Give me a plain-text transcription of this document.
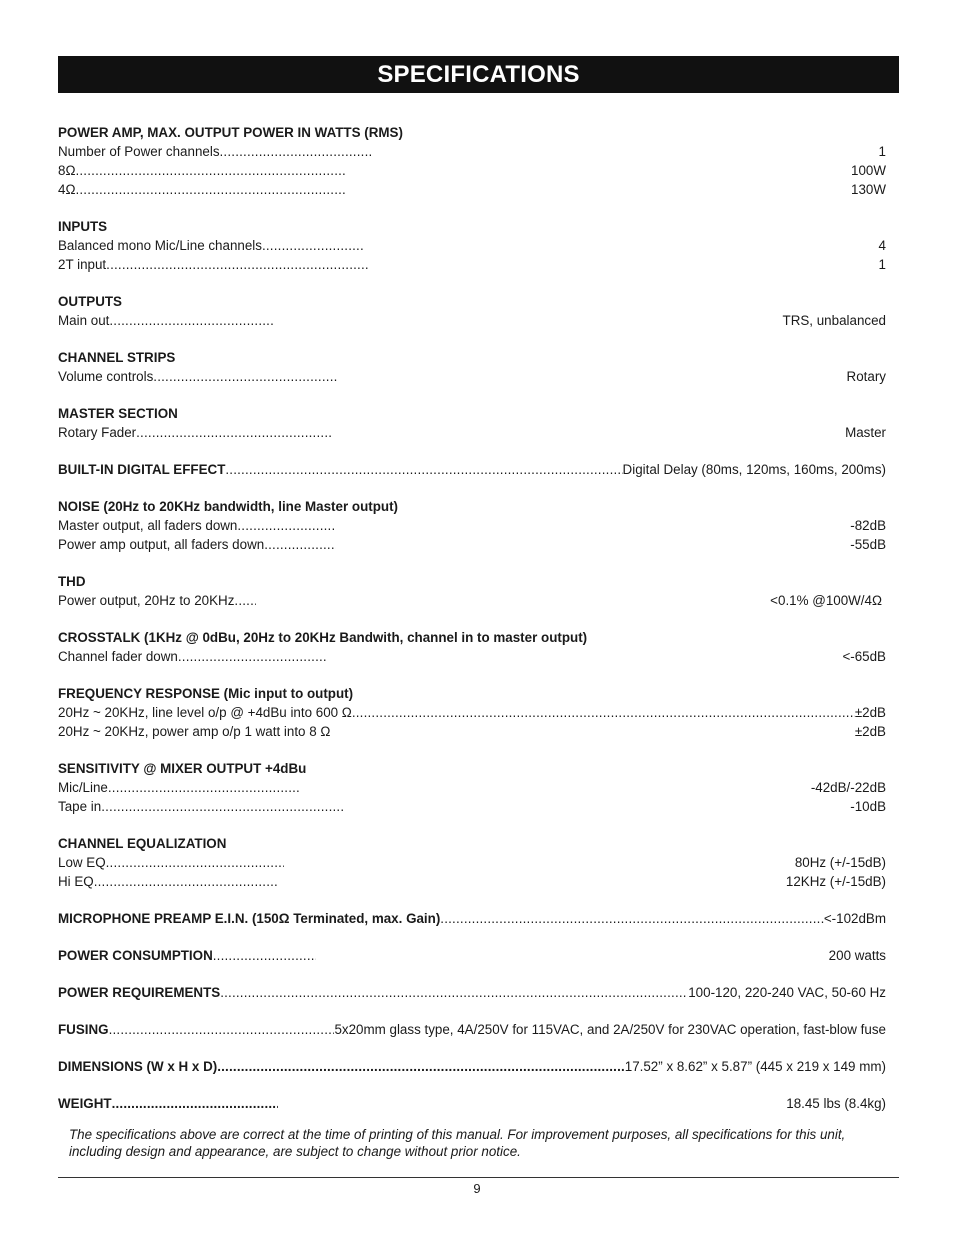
SPECIFICATIONS
POWER AMP, MAX. OUTPUT POWER IN WATTS (RMS)
Number of Power channels .....	1
8Ω .....	100W
4Ω .....	130W
INPUTS
Balanced mono Mic/Line channels .....	4
2T input .....	1
OUTPUTS
Main out .....	TRS, unbalanced
CHANNEL STRIPS
Volume controls .....	Rotary
MASTER SECTION
Rotary Fader .....	Master
BUILT-IN DIGITAL EFFECT .....	Digital Delay (80ms, 120ms, 160ms, 200ms)
NOISE (20Hz to 20KHz bandwidth, line Master output)
Master output, all faders down .....	-82dB
Power amp output, all faders down .....	-55dB
THD
Power output, 20Hz to 20KHz .....	<0.1% @100W/4Ω
CROSSTALK (1KHz @ 0dBu, 20Hz to 20KHz Bandwith, channel in to master output)
Channel fader down .....	<-65dB
FREQUENCY RESPONSE (Mic input to output)
20Hz ~ 20KHz, line level o/p @ +4dBu into 600 Ω .....	±2dB
20Hz ~ 20KHz, power amp o/p 1 watt into 8 Ω	±2dB
SENSITIVITY @ MIXER OUTPUT +4dBu
Mic/Line .....	-42dB/-22dB
Tape in .....	-10dB
CHANNEL EQUALIZATION
Low EQ .....	80Hz (+/-15dB)
Hi EQ .....	12KHz (+/-15dB)
MICROPHONE PREAMP E.I.N. (150Ω Terminated, max. Gain) .....	<-102dBm
POWER CONSUMPTION .....	200 watts
POWER REQUIREMENTS .....	100-120, 220-240 VAC, 50-60 Hz
FUSING .....	5x20mm glass type, 4A/250V for 115VAC, and 2A/250V for 230VAC operation, fast-blow fuse
DIMENSIONS (W x H x D) .....	17.52” x 8.62” x 5.87” (445 x 219 x 149 mm)
WEIGHT .....	18.45 lbs (8.4kg)
The specifications above are correct at the time of printing of this manual. For improvement purposes, all specifications for this unit, including design and appearance, are subject to change without prior notice.
9
